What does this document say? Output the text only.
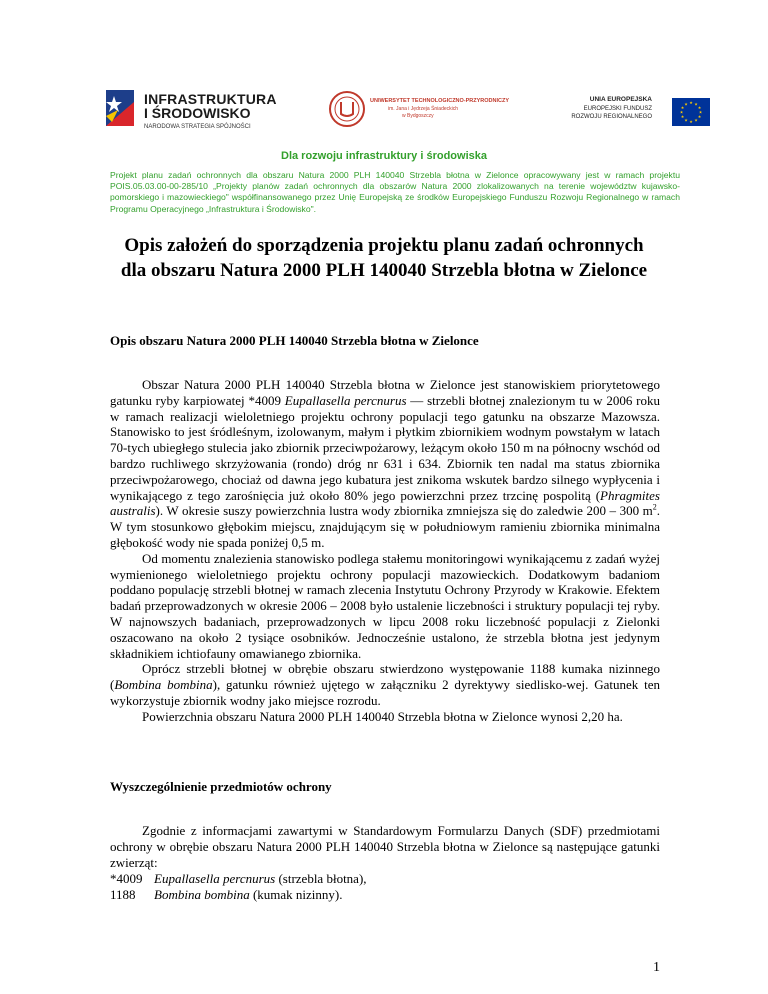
INFRASTRUKTURA
I ŚRODOWISKO
NARODOWA STRATEGIA SPÓJNOŚCI
UNIWERSYTET TECHNOLOGICZNO-PRZYRODNICZY
im. Jana i Jędrzeja Śniadeckich
w Bydgoszczy
UNIA EUROPEJSKA
EUROPEJSKI FUNDUSZ
ROZWOJU REGIONALNEGO
★ ★
★
★
★
★
★
★
★
★
★
★
Dla rozwoju infrastruktury i środowiska
Projekt planu zadań ochronnych dla obszaru Natura 2000 PLH 140040 Strzebla błotna w Zielonce opracowywany jest w ramach projektu POIS.05.03.00-00-285/10 „Projekty planów zadań ochronnych dla obszarów Natura 2000 zlokalizowanych na terenie województw kujawsko-pomorskiego i mazowieckiego" współfinansowanego przez Unię Europejską ze środków Europejskiego Funduszu Rozwoju Regionalnego w ramach Programu Operacyjnego „Infrastruktura i Środowisko".
Opis założeń do sporządzenia projektu planu zadań ochronnych
dla obszaru Natura 2000 PLH 140040 Strzebla błotna w Zielonce
Opis obszaru Natura 2000 PLH 140040 Strzebla błotna w Zielonce

Obszar Natura 2000 PLH 140040 Strzebla błotna w Zielonce jest stanowiskiem priorytetowego gatunku ryby karpiowatej *4009 Eupallasella percnurus — strzebli błotnej znalezionym tu w 2006 roku w ramach realizacji wieloletniego projektu ochrony populacji tego gatunku na obszarze Mazowsza. Stanowisko to jest śródleśnym, izolowanym, małym i płytkim zbiornikiem wodnym powstałym w latach 70-tych ubiegłego stulecia jako zbiornik przeciwpożarowy, leżącym około 150 m na północny wschód od bardzo ruchliwego skrzyżowania (rondo) dróg nr 631 i 634. Zbiornik ten nadal ma status zbiornika przeciwpożarowego, chociaż od dawna jego kubatura jest znikoma wskutek bardzo silnego wypłycenia i wynikającego z tego zarośnięcia już około 80% jego powierzchni przez trzcinę pospolitą (Phragmites australis). W okresie suszy powierzchnia lustra wody zbiornika zmniejsza się do zaledwie 200 – 300 $m^2$. W tym stosunkowo głębokim miejscu, znajdującym się w południowym ramieniu zbiornika minimalna głębokość wody nie spada poniżej 0,5 m.

Od momentu znalezienia stanowisko podlega stałemu monitoringowi wynikającemu z zadań wyżej wymienionego wieloletniego projektu ochrony populacji mazowieckich. Dodatkowym badaniom poddano populację strzebli błotnej w ramach zlecenia Instytutu Ochrony Przyrody w Krakowie. Efektem badań przeprowadzonych w okresie 2006 – 2008 było ustalenie liczebności i struktury populacji tej ryby. W najnowszych badaniach, przeprowadzonych w lipcu 2008 roku liczebność populacji z Zielonki oszacowano na około 2 tysiące osobników. Jednocześnie ustalono, że strzebla błotna jest jedynym składnikiem ichtiofauny omawianego zbiornika.

Oprócz strzebli błotnej w obrębie obszaru stwierdzono występowanie 1188 kumaka nizinnego (Bombina bombina), gatunku również ujętego w załączniku 2 dyrektywy siedlisko-wej. Gatunek ten wykorzystuje zbiornik wodny jako miejsce rozrodu.

Powierzchnia obszaru Natura 2000 PLH 140040 Strzebla błotna w Zielonce wynosi 2,20 ha.

Wyszczególnienie przedmiotów ochrony

Zgodnie z informacjami zawartymi w Standardowym Formularzu Danych (SDF) przedmiotami ochrony w obrębie obszaru Natura 2000 PLH 140040 Strzebla błotna w Zielonce są następujące gatunki zwierząt:

*4009 Eupallasella percnurus (strzebla błotna),
1188 Bombina bombina (kumak nizinny).
1
